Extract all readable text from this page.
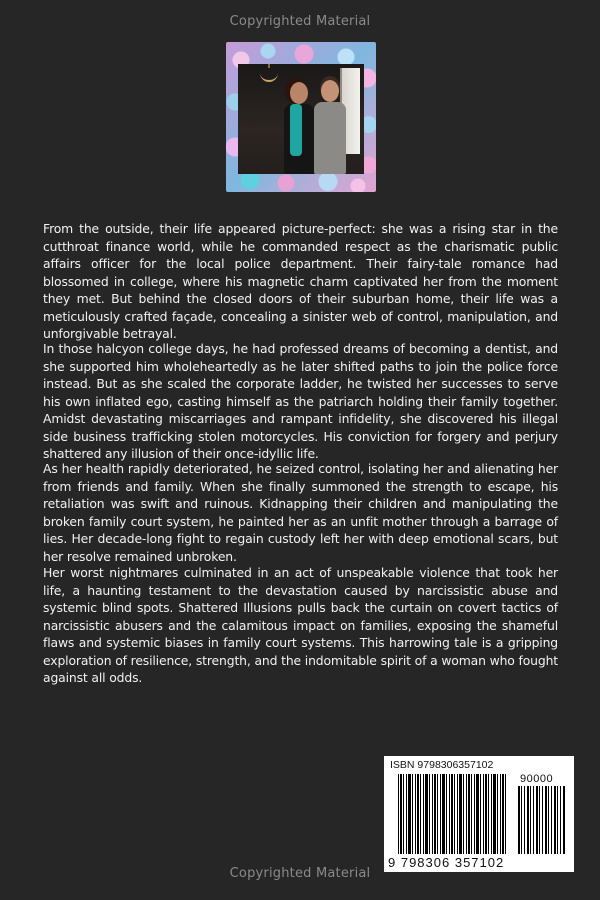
Copyrighted Material

From the outside, their life appeared picture-perfect: she was a rising star in the cutthroat finance world, while he commanded respect as the charismatic public affairs officer for the local police department. Their fairy-tale romance had blossomed in college, where his magnetic charm captivated her from the moment they met. But behind the closed doors of their suburban home, their life was a meticulously crafted façade, concealing a sinister web of control, manipulation, and unforgivable betrayal.

In those halcyon college days, he had professed dreams of becoming a dentist, and she supported him wholeheartedly as he later shifted paths to join the police force instead. But as she scaled the corporate ladder, he twisted her successes to serve his own inflated ego, casting himself as the patriarch holding their family together. Amidst devastating miscarriages and rampant infidelity, she discovered his illegal side business trafficking stolen motorcycles. His conviction for forgery and perjury shattered any illusion of their once-idyllic life.

As her health rapidly deteriorated, he seized control, isolating her and alienating her from friends and family. When she finally summoned the strength to escape, his retaliation was swift and ruinous. Kidnapping their children and manipulating the broken family court system, he painted her as an unfit mother through a barrage of lies. Her decade-long fight to regain custody left her with deep emotional scars, but her resolve remained unbroken.

Her worst nightmares culminated in an act of unspeakable violence that took her life, a haunting testament to the devastation caused by narcissistic abuse and systemic blind spots. Shattered Illusions pulls back the curtain on covert tactics of narcissistic abusers and the calamitous impact on families, exposing the shameful flaws and systemic biases in family court systems. This harrowing tale is a gripping exploration of resilience, strength, and the indomitable spirit of a woman who fought against all odds.

ISBN 9798306357102
90000
9 798306 357102
Copyrighted Material
